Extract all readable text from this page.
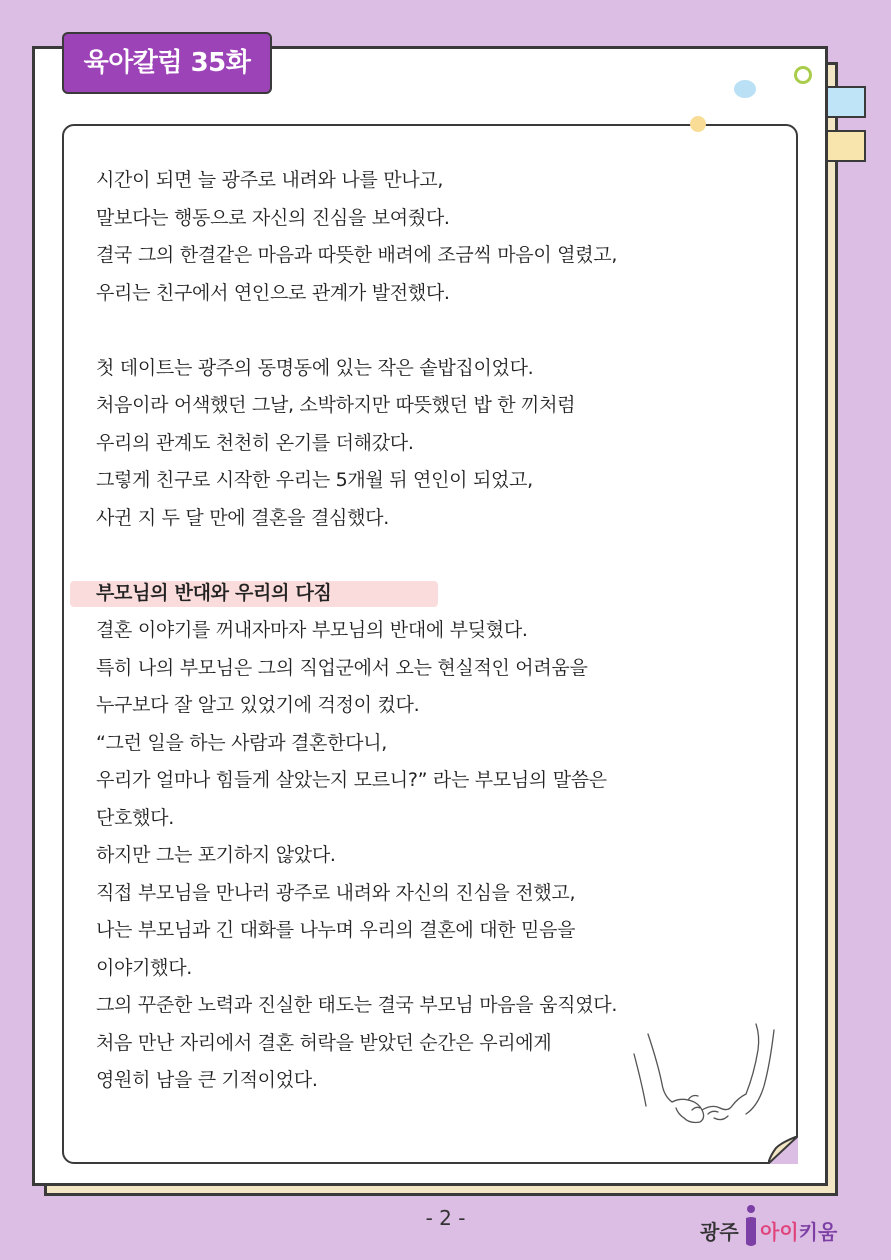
육아칼럼 35화

시간이 되면 늘 광주로 내려와 나를 만나고,

말보다는 행동으로 자신의 진심을 보여줬다.

결국 그의 한결같은 마음과 따뜻한 배려에 조금씩 마음이 열렸고,

우리는 친구에서 연인으로 관계가 발전했다.

첫 데이트는 광주의 동명동에 있는 작은 솥밥집이었다.

처음이라 어색했던 그날, 소박하지만 따뜻했던 밥 한 끼처럼

우리의 관계도 천천히 온기를 더해갔다.

그렇게 친구로 시작한 우리는 5개월 뒤 연인이 되었고,

사귄 지 두 달 만에 결혼을 결심했다.

부모님의 반대와 우리의 다짐

결혼 이야기를 꺼내자마자 부모님의 반대에 부딪혔다.

특히 나의 부모님은 그의 직업군에서 오는 현실적인 어려움을

누구보다 잘 알고 있었기에 걱정이 컸다.

“그런 일을 하는 사람과 결혼한다니,

우리가 얼마나 힘들게 살았는지 모르니?” 라는 부모님의 말씀은

단호했다.

하지만 그는 포기하지 않았다.

직접 부모님을 만나러 광주로 내려와 자신의 진심을 전했고,

나는 부모님과 긴 대화를 나누며 우리의 결혼에 대한 믿음을

이야기했다.

그의 꾸준한 노력과 진실한 태도는 결국 부모님 마음을 움직였다.

처음 만난 자리에서 결혼 허락을 받았던 순간은 우리에게

영원히 남을 큰 기적이었다.

- 2 -
광주 아이키움
